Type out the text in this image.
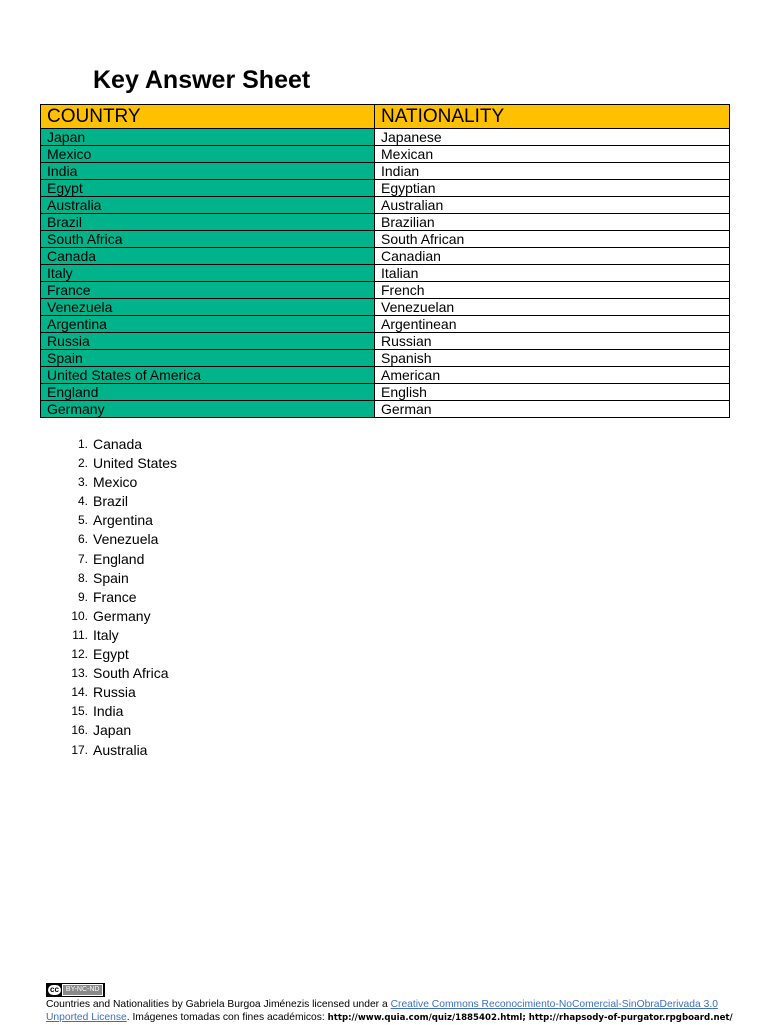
Key Answer Sheet
COUNTRY	NATIONALITY
Japan	Japanese
Mexico	Mexican
India	Indian
Egypt	Egyptian
Australia	Australian
Brazil	Brazilian
South Africa	South African
Canada	Canadian
Italy	Italian
France	French
Venezuela	Venezuelan
Argentina	Argentinean
Russia	Russian
Spain	Spanish
United States of America	American
England	English
Germany	German
1. Canada
2. United States
3. Mexico
4. Brazil
5. Argentina
6. Venezuela
7. England
8. Spain
9. France
10. Germany
11. Italy
12. Egypt
13. South Africa
14. Russia
15. India
16. Japan
17. Australia
cc	BY-NC-ND
Countries and Nationalities by Gabriela Burgoa Jiménezis licensed under a Creative Commons Reconocimiento-NoComercial-SinObraDerivada 3.0 Unported License. Imágenes tomadas con fines académicos: http://www.quia.com/quiz/1885402.html; http://rhapsody-of-purgator.rpgboard.net/
